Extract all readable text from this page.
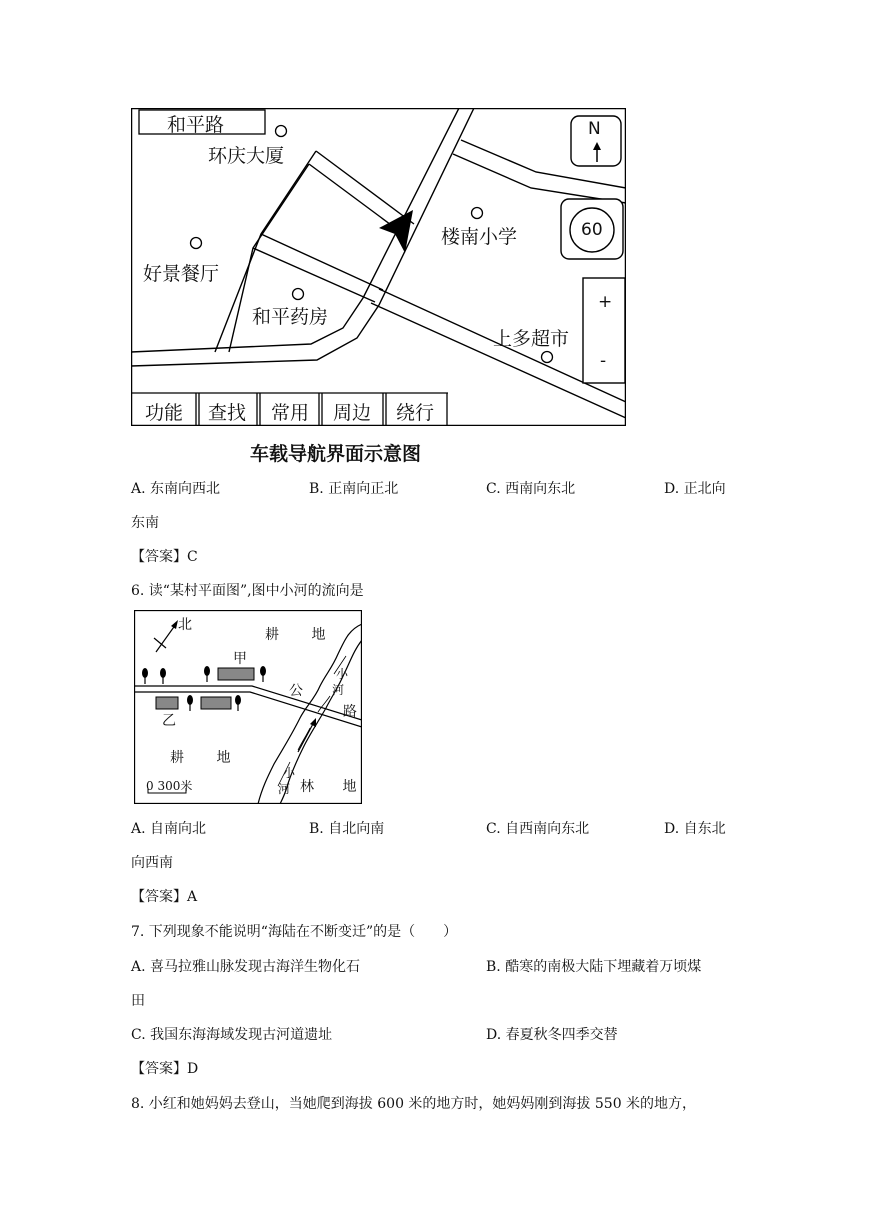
和平路
环庆大厦
楼南小学
好景餐厅
和平药房
上多超市
N
60
+
-
功能 查找 常用 周边 绕行
车载导航界面示意图
A. 东南向西北	B. 正南向正北	C. 西南向东北	D. 正北向
东南
【答案】C
6. 读“某村平面图”,图中小河的流向是
北
耕 地
甲
乙
公
路
小
河
小
河
耕 地
林 地
0 300米
A. 自南向北	B. 自北向南	C. 自西南向东北	D. 自东北
向西南
【答案】A
7. 下列现象不能说明“海陆在不断变迁”的是（　　）
A. 喜马拉雅山脉发现古海洋生物化石	B. 酷寒的南极大陆下埋藏着万顷煤
田
C. 我国东海海域发现古河道遗址	D. 春夏秋冬四季交替
【答案】D
8. 小红和她妈妈去登山，当她爬到海拔 600 米的地方时，她妈妈刚到海拔 550 米的地方，
